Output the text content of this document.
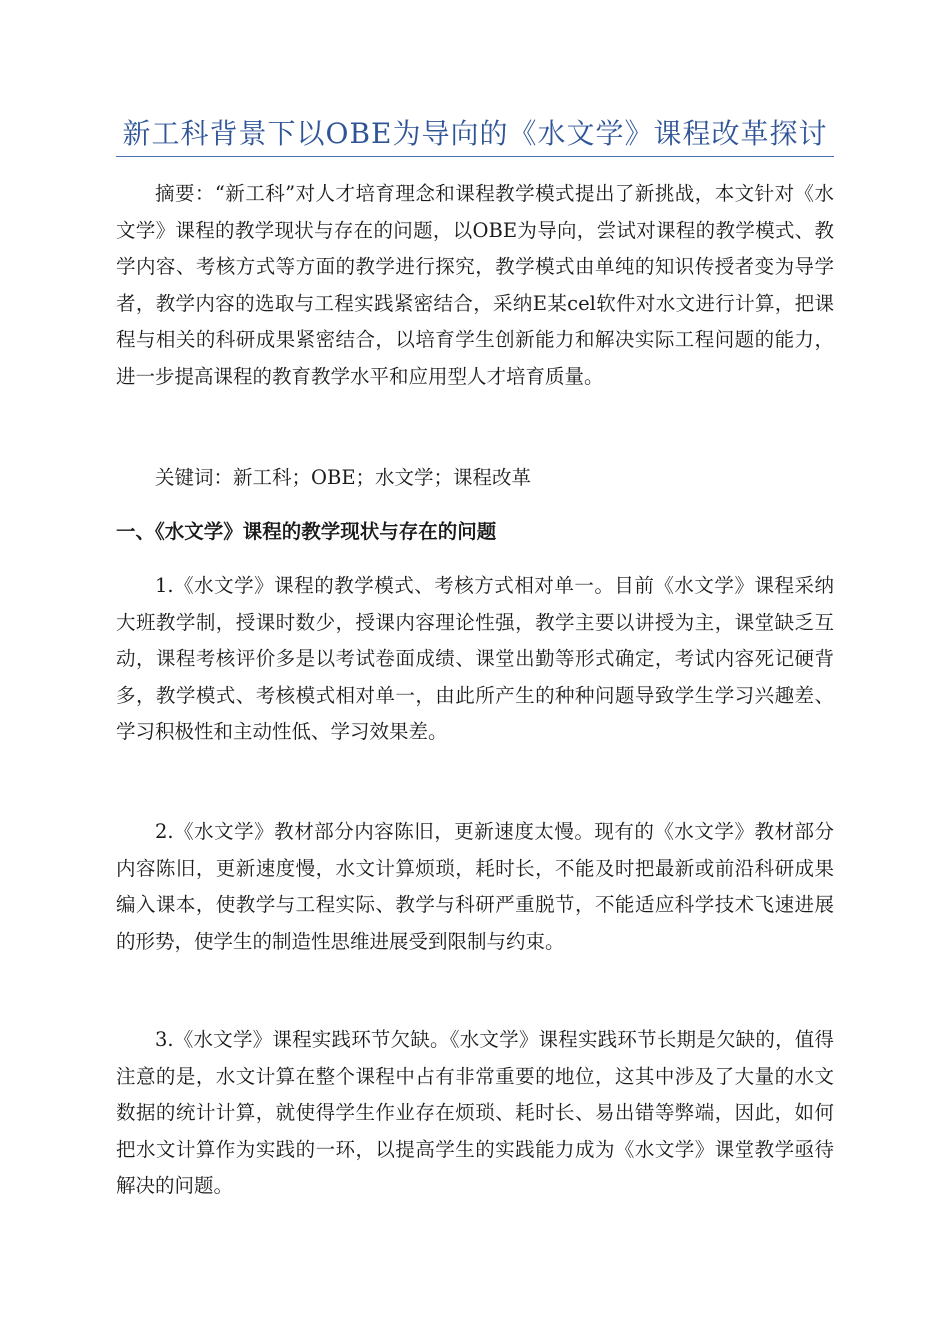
新工科背景下以OBE为导向的《水文学》课程改革探讨

摘要：“新工科”对人才培育理念和课程教学模式提出了新挑战，本文针对《水文学》课程的教学现状与存在的问题，以OBE为导向，尝试对课程的教学模式、教学内容、考核方式等方面的教学进行探究，教学模式由单纯的知识传授者变为导学者，教学内容的选取与工程实践紧密结合，采纳E某cel软件对水文进行计算，把课程与相关的科研成果紧密结合，以培育学生创新能力和解决实际工程问题的能力，进一步提高课程的教育教学水平和应用型人才培育质量。

关键词：新工科；OBE；水文学；课程改革

一、《水文学》课程的教学现状与存在的问题

1.《水文学》课程的教学模式、考核方式相对单一。目前《水文学》课程采纳大班教学制，授课时数少，授课内容理论性强，教学主要以讲授为主，课堂缺乏互动，课程考核评价多是以考试卷面成绩、课堂出勤等形式确定，考试内容死记硬背多，教学模式、考核模式相对单一，由此所产生的种种问题导致学生学习兴趣差、学习积极性和主动性低、学习效果差。

2.《水文学》教材部分内容陈旧，更新速度太慢。现有的《水文学》教材部分内容陈旧，更新速度慢，水文计算烦琐，耗时长，不能及时把最新或前沿科研成果编入课本，使教学与工程实际、教学与科研严重脱节，不能适应科学技术飞速进展的形势，使学生的制造性思维进展受到限制与约束。

3.《水文学》课程实践环节欠缺。《水文学》课程实践环节长期是欠缺的，值得注意的是，水文计算在整个课程中占有非常重要的地位，这其中涉及了大量的水文数据的统计计算，就使得学生作业存在烦琐、耗时长、易出错等弊端，因此，如何把水文计算作为实践的一环，以提高学生的实践能力成为《水文学》课堂教学亟待解决的问题。
